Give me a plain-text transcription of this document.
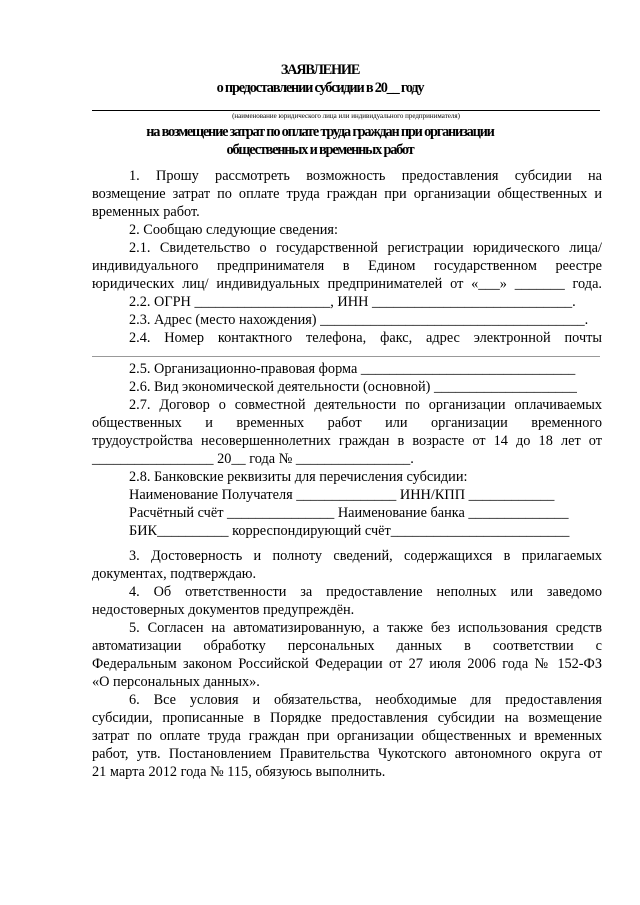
ЗАЯВЛЕНИЕ
о предоставлении субсидии в 20__ году
(наименование юридического лица или индивидуального предпринимателя)
на возмещение затрат по оплате труда граждан при организации
общественных и временных работ
1. Прошу рассмотреть возможность предоставления субсидии на
возмещение затрат по оплате труда граждан при организации общественных и
временных работ.
2. Сообщаю следующие сведения:
2.1. Свидетельство о государственной регистрации юридического лица/
индивидуального предпринимателя в Едином государственном реестре
юридических лиц/ индивидуальных предпринимателей от «___» _______ года.
2.2. ОГРН ___________________, ИНН ____________________________.
2.3. Адрес (место нахождения) _____________________________________.
2.4. Номер контактного телефона, факс, адрес электронной почты
2.5. Организационно-правовая форма ______________________________
2.6. Вид экономической деятельности (основной) ____________________
2.7. Договор о совместной деятельности по организации оплачиваемых
общественных и временных работ или организации временного
трудоустройства несовершеннолетних граждан в возрасте от 14 до 18 лет от
_________________ 20__ года № ________________.
2.8. Банковские реквизиты для перечисления субсидии:
Наименование Получателя ______________ ИНН/КПП ____________
Расчётный счёт _______________ Наименование банка ______________
БИК__________ корреспондирующий счёт_________________________
3. Достоверность и полноту сведений, содержащихся в прилагаемых
документах, подтверждаю.
4. Об ответственности за предоставление неполных или заведомо
недостоверных документов предупреждён.
5. Согласен на автоматизированную, а также без использования средств
автоматизации обработку персональных данных в соответствии с
Федеральным законом Российской Федерации от 27 июля 2006 года № 152-ФЗ
«О персональных данных».
6. Все условия и обязательства, необходимые для предоставления
субсидии, прописанные в Порядке предоставления субсидии на возмещение
затрат по оплате труда граждан при организации общественных и временных
работ, утв. Постановлением Правительства Чукотского автономного округа от
21 марта 2012 года № 115, обязуюсь выполнить.
